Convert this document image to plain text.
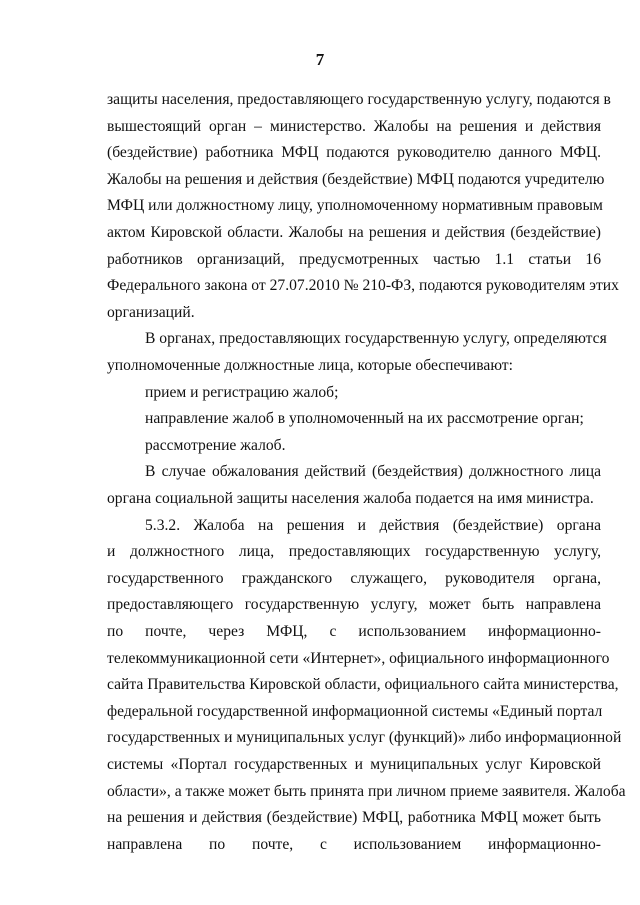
7
защиты населения, предоставляющего государственную услугу, подаются в
вышестоящий орган – министерство. Жалобы на решения и действия
(бездействие) работника МФЦ подаются руководителю данного МФЦ.
Жалобы на решения и действия (бездействие) МФЦ подаются учредителю
МФЦ или должностному лицу, уполномоченному нормативным правовым
актом Кировской области. Жалобы на решения и действия (бездействие)
работников организаций, предусмотренных частью 1.1 статьи 16
Федерального закона от 27.07.2010 № 210-ФЗ, подаются руководителям этих
организаций.
В органах, предоставляющих государственную услугу, определяются
уполномоченные должностные лица, которые обеспечивают:
прием и регистрацию жалоб;
направление жалоб в уполномоченный на их рассмотрение орган;
рассмотрение жалоб.
В случае обжалования действий (бездействия) должностного лица
органа социальной защиты населения жалоба подается на имя министра.
5.3.2. Жалоба на решения и действия (бездействие) органа
и должностного лица, предоставляющих государственную услугу,
государственного гражданского служащего, руководителя органа,
предоставляющего государственную услугу, может быть направлена
по почте, через МФЦ, с использованием информационно-
телекоммуникационной сети «Интернет», официального информационного
сайта Правительства Кировской области, официального сайта министерства,
федеральной государственной информационной системы «Единый портал
государственных и муниципальных услуг (функций)» либо информационной
системы «Портал государственных и муниципальных услуг Кировской
области», а также может быть принята при личном приеме заявителя. Жалоба
на решения и действия (бездействие) МФЦ, работника МФЦ может быть
направлена по почте, с использованием информационно-
